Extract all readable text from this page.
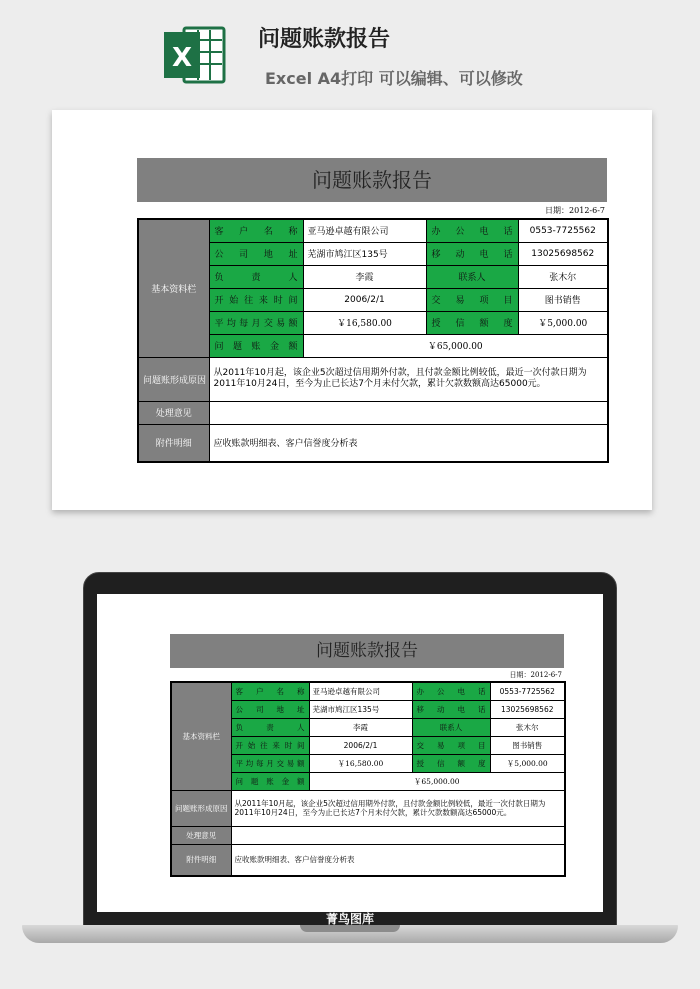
X
问题账款报告
Excel A4打印 可以编辑、可以修改
问题账款报告
日期：2012-6-7
基本资料栏	客 户 名 称	亚马逊卓越有限公司	办 公 电 话	0553-7725562
	公 司 地 址	芜湖市鸠江区135号	移 动 电 话	13025698562
	负 责 人	李霞	联系人	张木尔
	开 始 往 来 时 间	2006/2/1	交 易 项 目	图书销售
	平 均 每 月 交 易 额	￥16,580.00	授 信 额 度	￥5,000.00
	问 题 账 金 额	￥65,000.00		
问题账形成原因	从2011年10月起，该企业5次超过信用期外付款，且付款金额比例较低，最近一次付款日期为2011年10月24日，至今为止已长达7个月未付欠款，累计欠款数额高达65000元。			
处理意见				
附件明细	应收账款明细表、客户信誉度分析表			
问题账款报告
日期：2012-6-7
基本资料栏	客 户 名 称	亚马逊卓越有限公司	办 公 电 话	0553-7725562
	公 司 地 址	芜湖市鸠江区135号	移 动 电 话	13025698562
	负 责 人	李霞	联系人	张木尔
	开 始 往 来 时 间	2006/2/1	交 易 项 目	图书销售
	平 均 每 月 交 易 额	￥16,580.00	授 信 额 度	￥5,000.00
	问 题 账 金 额	￥65,000.00		
问题账形成原因	从2011年10月起，该企业5次超过信用期外付款，且付款金额比例较低，最近一次付款日期为2011年10月24日，至今为止已长达7个月未付欠款，累计欠款数额高达65000元。			
处理意见				
附件明细	应收账款明细表、客户信誉度分析表			
菁鸟图库
